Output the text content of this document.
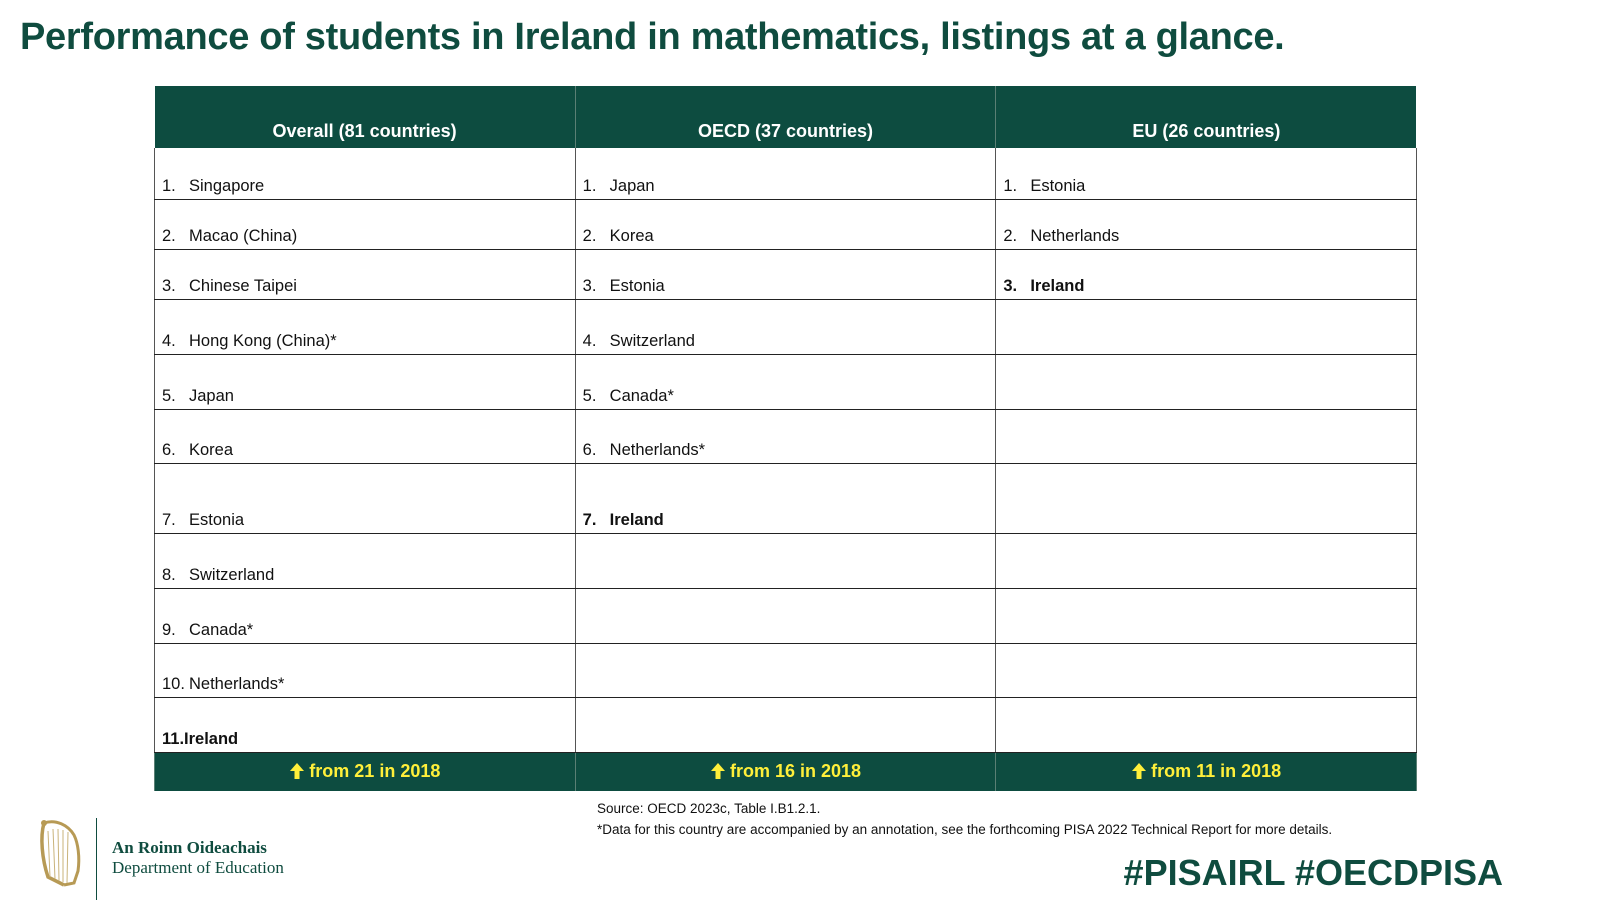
Performance of students in Ireland in mathematics, listings at a glance.
Overall (81 countries)	OECD (37 countries)	EU (26 countries)
1. Singapore	1. Japan	1. Estonia
2. Macao (China)	2. Korea	2. Netherlands
3. Chinese Taipei	3. Estonia	3. Ireland
4. Hong Kong (China)*	4. Switzerland	
5. Japan	5. Canada*	
6. Korea	6. Netherlands*	
7. Estonia	7. Ireland	
8. Switzerland		
9. Canada*		
10. Netherlands*		
11.Ireland		
from 21 in 2018	from 16 in 2018	from 11 in 2018
Source: OECD 2023c, Table I.B1.2.1.
*Data for this country are accompanied by an annotation, see the forthcoming PISA 2022 Technical Report for more details.
An Roinn Oideachais
Department of Education	#PISAIRL #OECDPISA
